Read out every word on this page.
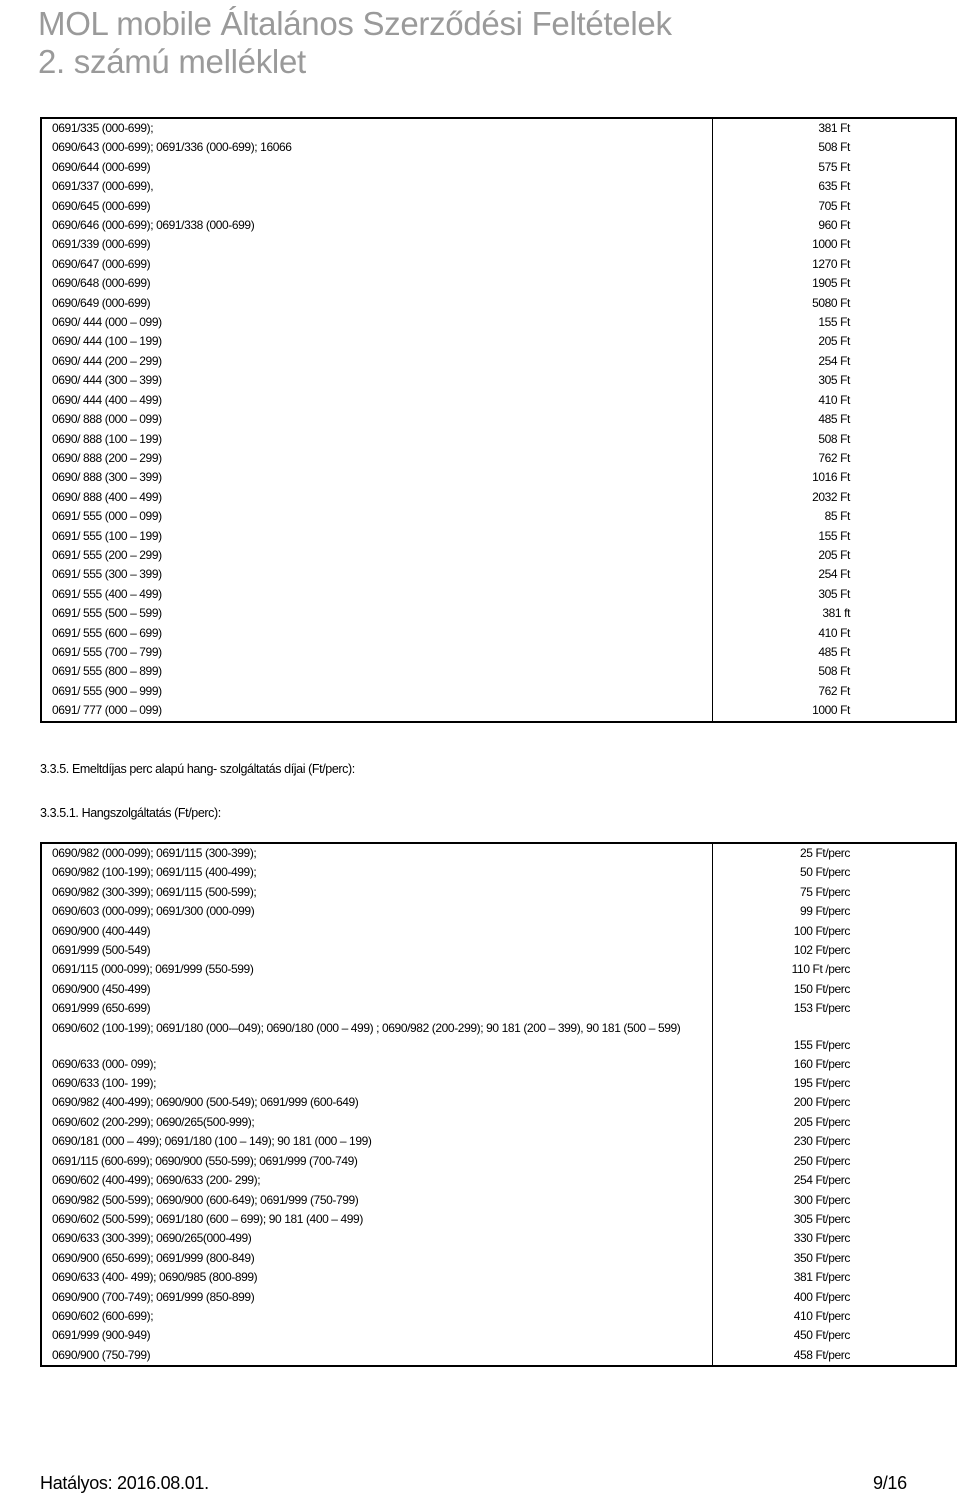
MOL mobile Általános Szerződési Feltételek
2. számú melléklet
0691/335 (000-699);	381 Ft
0690/643 (000-699); 0691/336 (000-699); 16066	508 Ft
0690/644 (000-699)	575 Ft
0691/337 (000-699),	635 Ft
0690/645 (000-699)	705 Ft
0690/646 (000-699); 0691/338 (000-699)	960 Ft
0691/339 (000-699)	1000 Ft
0690/647 (000-699)	1270 Ft
0690/648 (000-699)	1905 Ft
0690/649 (000-699)	5080 Ft
0690/ 444 (000 – 099)	155 Ft
0690/ 444 (100 – 199)	205 Ft
0690/ 444 (200 – 299)	254 Ft
0690/ 444 (300 – 399)	305 Ft
0690/ 444 (400 – 499)	410 Ft
0690/ 888 (000 – 099)	485 Ft
0690/ 888 (100 – 199)	508 Ft
0690/ 888 (200 – 299)	762 Ft
0690/ 888 (300 – 399)	1016 Ft
0690/ 888 (400 – 499)	2032 Ft
0691/ 555 (000 – 099)	85 Ft
0691/ 555 (100 – 199)	155 Ft
0691/ 555 (200 – 299)	205 Ft
0691/ 555 (300 – 399)	254 Ft
0691/ 555 (400 – 499)	305 Ft
0691/ 555 (500 – 599)	381 ft
0691/ 555 (600 – 699)	410 Ft
0691/ 555 (700 – 799)	485 Ft
0691/ 555 (800 – 899)	508 Ft
0691/ 555 (900 – 999)	762 Ft
0691/ 777 (000 – 099)	1000 Ft
3.3.5. Emeltdíjas perc alapú hang- szolgáltatás díjai (Ft/perc):
3.3.5.1. Hangszolgáltatás (Ft/perc):
0690/982 (000-099); 0691/115 (300-399);	25 Ft/perc
0690/982 (100-199); 0691/115 (400-499);	50 Ft/perc
0690/982 (300-399); 0691/115 (500-599);	75 Ft/perc
0690/603 (000-099); 0691/300 (000-099)	99 Ft/perc
0690/900 (400-449)	100 Ft/perc
0691/999 (500-549)	102 Ft/perc
0691/115 (000-099); 0691/999 (550-599)	110 Ft /perc
0690/900 (450-499)	150 Ft/perc
0691/999 (650-699)	153 Ft/perc
0690/602 (100-199); 0691/180 (000-–049); 0690/180 (000 – 499) ; 0690/982 (200-299); 90 181 (200 – 399), 90 181 (500 – 599)	155 Ft/perc
0690/633 (000- 099);	160 Ft/perc
0690/633 (100- 199);	195 Ft/perc
0690/982 (400-499); 0690/900 (500-549); 0691/999 (600-649)	200 Ft/perc
0690/602 (200-299); 0690/265(500-999);	205 Ft/perc
0690/181 (000 – 499); 0691/180 (100 – 149); 90 181 (000 – 199)	230 Ft/perc
0691/115 (600-699); 0690/900 (550-599); 0691/999 (700-749)	250 Ft/perc
0690/602 (400-499); 0690/633 (200- 299);	254 Ft/perc
0690/982 (500-599); 0690/900 (600-649); 0691/999 (750-799)	300 Ft/perc
0690/602 (500-599); 0691/180 (600 – 699); 90 181 (400 – 499)	305 Ft/perc
0690/633 (300-399); 0690/265(000-499)	330 Ft/perc
0690/900 (650-699); 0691/999 (800-849)	350 Ft/perc
0690/633 (400- 499); 0690/985 (800-899)	381 Ft/perc
0690/900 (700-749); 0691/999 (850-899)	400 Ft/perc
0690/602 (600-699);	410 Ft/perc
0691/999 (900-949)	450 Ft/perc
0690/900 (750-799)	458 Ft/perc
Hatályos: 2016.08.01.	9/16
